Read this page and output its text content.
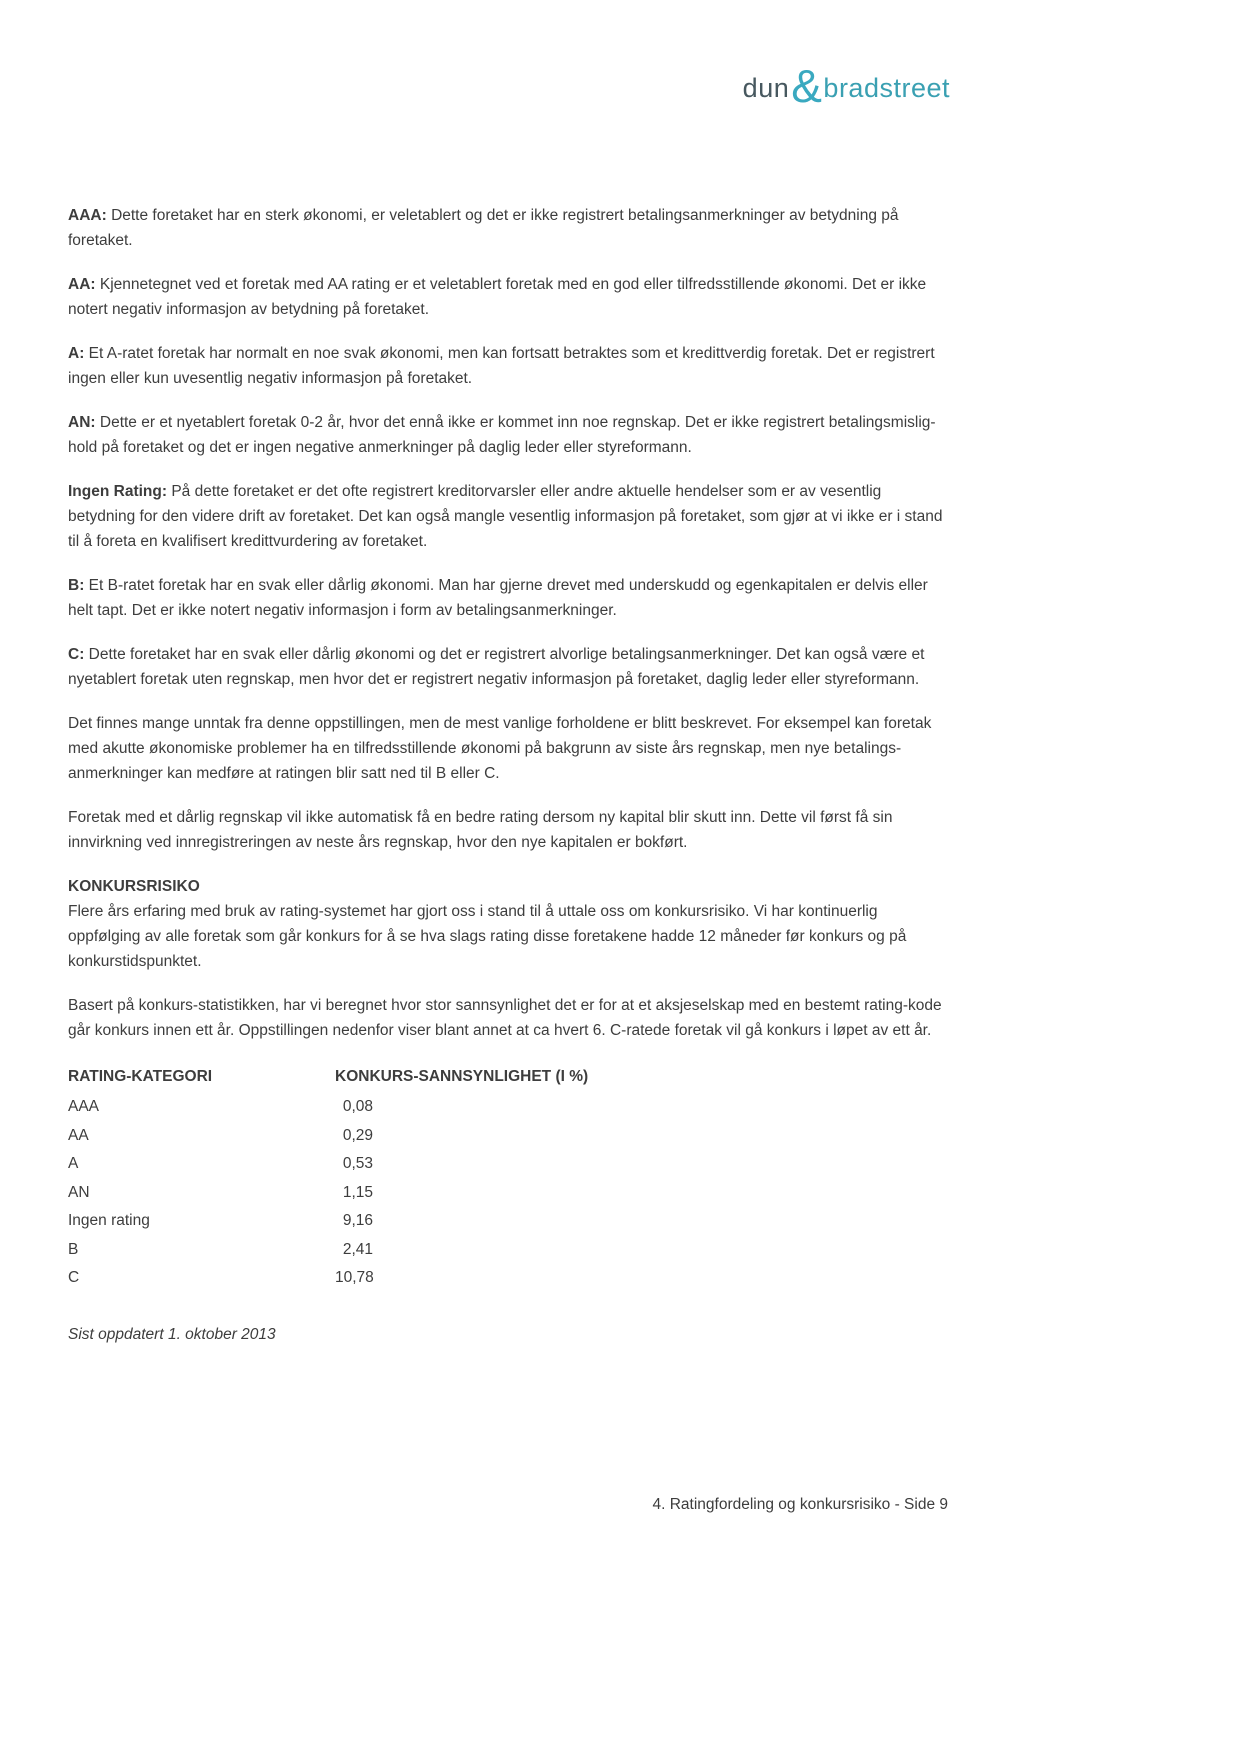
dun & bradstreet

AAA: Dette foretaket har en sterk økonomi, er veletablert og det er ikke registrert betalingsanmerkninger av betydning på foretaket.

AA: Kjennetegnet ved et foretak med AA rating er et veletablert foretak med en god eller tilfredsstillende økonomi. Det er ikke notert negativ informasjon av betydning på foretaket.

A: Et A-ratet foretak har normalt en noe svak økonomi, men kan fortsatt betraktes som et kredittverdig foretak. Det er registrert ingen eller kun uvesentlig negativ informasjon på foretaket.

AN: Dette er et nyetablert foretak 0-2 år, hvor det ennå ikke er kommet inn noe regnskap. Det er ikke registrert betalingsmislig- hold på foretaket og det er ingen negative anmerkninger på daglig leder eller styreformann.

Ingen Rating: På dette foretaket er det ofte registrert kreditorvarsler eller andre aktuelle hendelser som er av vesentlig betydning for den videre drift av foretaket. Det kan også mangle vesentlig informasjon på foretaket, som gjør at vi ikke er i stand til å foreta en kvalifisert kredittvurdering av foretaket.

B: Et B-ratet foretak har en svak eller dårlig økonomi. Man har gjerne drevet med underskudd og egenkapitalen er delvis eller helt tapt. Det er ikke notert negativ informasjon i form av betalingsanmerkninger.

C: Dette foretaket har en svak eller dårlig økonomi og det er registrert alvorlige betalingsanmerkninger. Det kan også være et nyetablert foretak uten regnskap, men hvor det er registrert negativ informasjon på foretaket, daglig leder eller styreformann.

Det finnes mange unntak fra denne oppstillingen, men de mest vanlige forholdene er blitt beskrevet. For eksempel kan foretak med akutte økonomiske problemer ha en tilfredsstillende økonomi på bakgrunn av siste års regnskap, men nye betalings- anmerkninger kan medføre at ratingen blir satt ned til B eller C.

Foretak med et dårlig regnskap vil ikke automatisk få en bedre rating dersom ny kapital blir skutt inn. Dette vil først få sin innvirkning ved innregistreringen av neste års regnskap, hvor den nye kapitalen er bokført.

KONKURSRISIKO
Flere års erfaring med bruk av rating-systemet har gjort oss i stand til å uttale oss om konkursrisiko. Vi har kontinuerlig oppfølging av alle foretak som går konkurs for å se hva slags rating disse foretakene hadde 12 måneder før konkurs og på konkurstidspunktet.

Basert på konkurs-statistikken, har vi beregnet hvor stor sannsynlighet det er for at et aksjeselskap med en bestemt rating-kode går konkurs innen ett år. Oppstillingen nedenfor viser blant annet at ca hvert 6. C-ratede foretak vil gå konkurs i løpet av ett år.

RATING-KATEGORI	KONKURS-SANNSYNLIGHET (I %)
AAA	0,08
AA	0,29
A	0,53
AN	1,15
Ingen rating	9,16
B	2,41
C	10,78

Sist oppdatert 1. oktober 2013

4. Ratingfordeling og konkursrisiko - Side 9
